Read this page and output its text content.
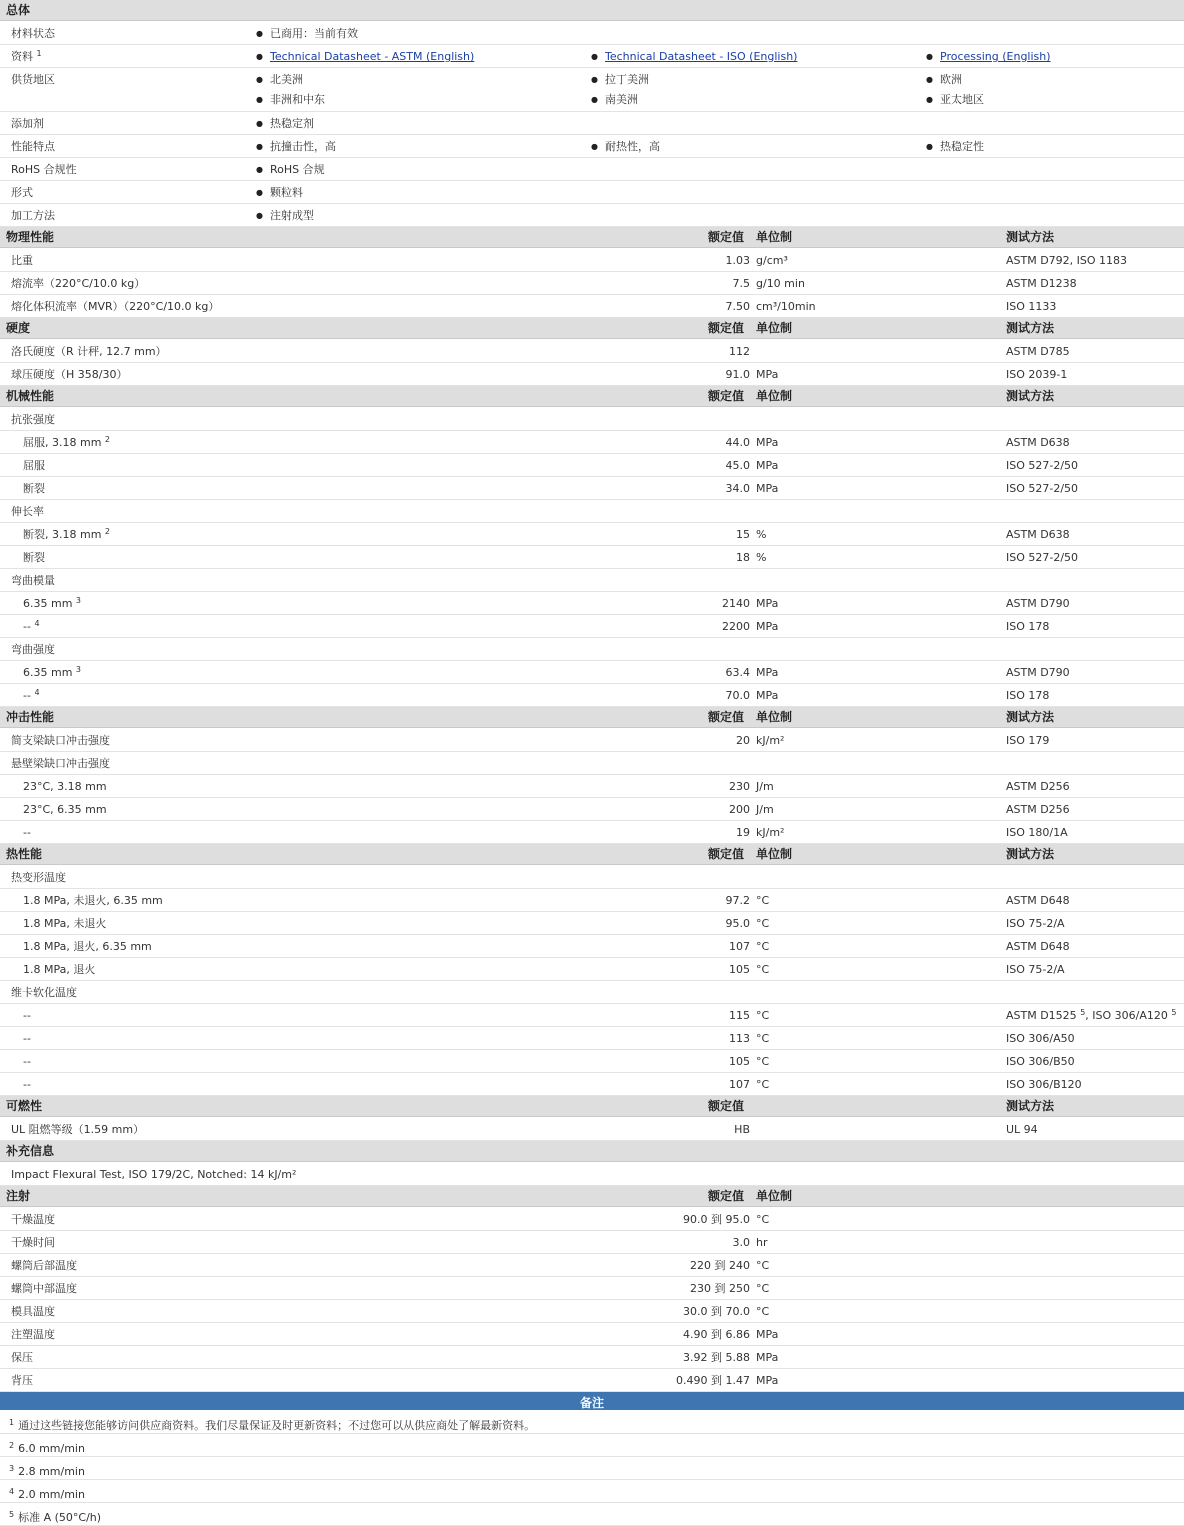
总体
材料状态	● 已商用：当前有效
资料 $^1$	● Technical Datasheet - ASTM (English)	● Technical Datasheet - ISO (English)	● Processing (English)
供货地区	● 北美洲	● 拉丁美洲	● 欧洲
● 非洲和中东	● 南美洲	● 亚太地区
添加剂	● 热稳定剂
性能特点	● 抗撞击性，高	● 耐热性，高	● 热稳定性
RoHS 合规性	● RoHS 合规
形式	● 颗粒料
加工方法	● 注射成型
物理性能	额定值 单位制	测试方法
比重	1.03 g/cm³	ASTM D792, ISO 1183
熔流率（220°C/10.0 kg）	7.5 g/10 min	ASTM D1238
熔化体积流率（MVR）（220°C/10.0 kg）	7.50 cm³/10min	ISO 1133
硬度	额定值 单位制	测试方法
洛氏硬度（R 计秤, 12.7 mm）	112	ASTM D785
球压硬度（H 358/30）	91.0 MPa	ISO 2039-1
机械性能	额定值 单位制	测试方法
抗张强度
屈服, 3.18 mm $^2$	44.0 MPa	ASTM D638
屈服	45.0 MPa	ISO 527-2/50
断裂	34.0 MPa	ISO 527-2/50
伸长率
断裂, 3.18 mm $^2$	15 %	ASTM D638
断裂	18 %	ISO 527-2/50
弯曲模量
6.35 mm $^3$	2140 MPa	ASTM D790
-- $^4$	2200 MPa	ISO 178
弯曲强度
6.35 mm $^3$	63.4 MPa	ASTM D790
-- $^4$	70.0 MPa	ISO 178
冲击性能	额定值 单位制	测试方法
简支梁缺口冲击强度	20 kJ/m²	ISO 179
悬壁梁缺口冲击强度
23°C, 3.18 mm	230 J/m	ASTM D256
23°C, 6.35 mm	200 J/m	ASTM D256
--	19 kJ/m²	ISO 180/1A
热性能	额定值 单位制	测试方法
热变形温度
1.8 MPa, 未退火, 6.35 mm	97.2 °C	ASTM D648
1.8 MPa, 未退火	95.0 °C	ISO 75-2/A
1.8 MPa, 退火, 6.35 mm	107 °C	ASTM D648
1.8 MPa, 退火	105 °C	ISO 75-2/A
维卡软化温度
--	115 °C	ASTM D1525 $^5$, ISO 306/A120 $^5$
--	113 °C	ISO 306/A50
--	105 °C	ISO 306/B50
--	107 °C	ISO 306/B120
可燃性	额定值	测试方法
UL 阻燃等级（1.59 mm）	HB	UL 94
补充信息
Impact Flexural Test, ISO 179/2C, Notched: 14 kJ/m²
注射	额定值 单位制
干燥温度	90.0 到 95.0 °C
干燥时间	3.0 hr
螺筒后部温度	220 到 240 °C
螺筒中部温度	230 到 250 °C
模具温度	30.0 到 70.0 °C
注塑温度	4.90 到 6.86 MPa
保压	3.92 到 5.88 MPa
背压	0.490 到 1.47 MPa
备注
$^1$ 通过这些链接您能够访问供应商资料。我们尽量保证及时更新资料；不过您可以从供应商处了解最新资料。
$^2$ 6.0 mm/min
$^3$ 2.8 mm/min
$^4$ 2.0 mm/min
$^5$ 标准 A (50°C/h)
